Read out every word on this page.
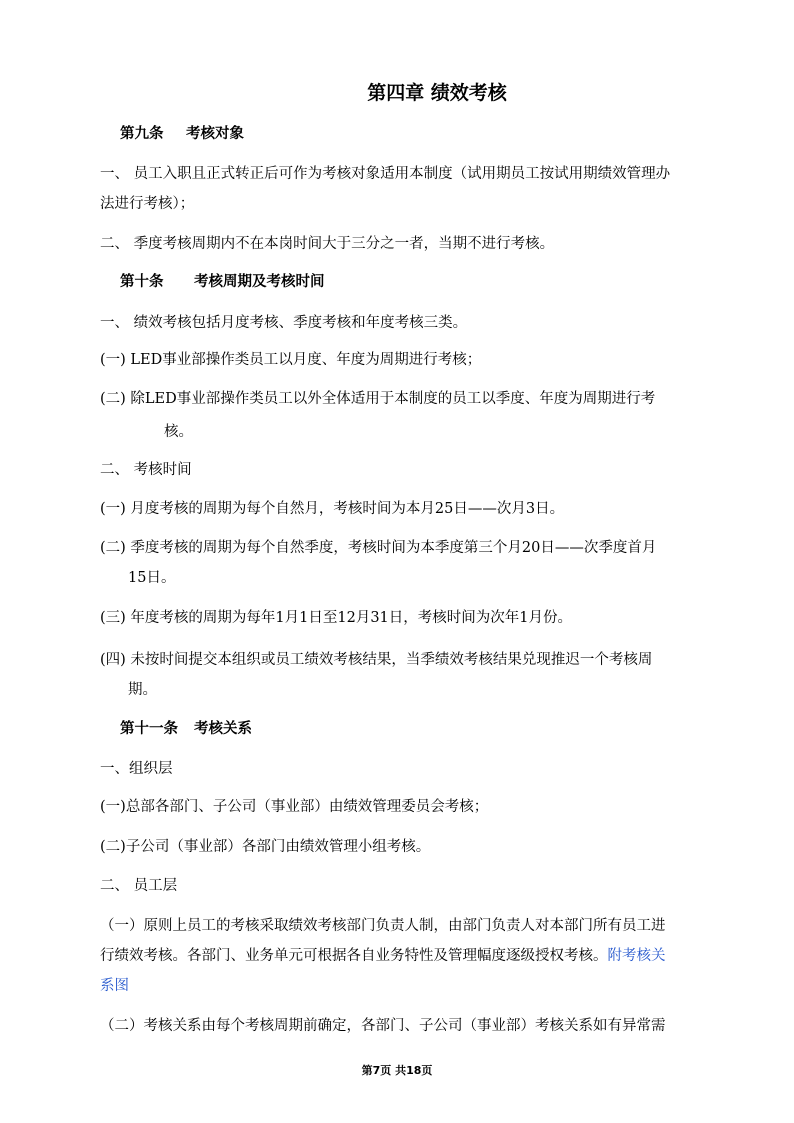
第四章 绩效考核
第九条 考核对象
一、 员工入职且正式转正后可作为考核对象适用本制度（试用期员工按试用期绩效管理办
法进行考核）；
二、 季度考核周期内不在本岗时间大于三分之一者，当期不进行考核。
第十条 考核周期及考核时间
一、 绩效考核包括月度考核、季度考核和年度考核三类。
(一) LED事业部操作类员工以月度、年度为周期进行考核；
(二) 除LED事业部操作类员工以外全体适用于本制度的员工以季度、年度为周期进行考
核。
二、 考核时间
(一) 月度考核的周期为每个自然月，考核时间为本月25日——次月3日。
(二) 季度考核的周期为每个自然季度，考核时间为本季度第三个月20日——次季度首月
15日。
(三) 年度考核的周期为每年1月1日至12月31日，考核时间为次年1月份。
(四) 未按时间提交本组织或员工绩效考核结果，当季绩效考核结果兑现推迟一个考核周
期。
第十一条 考核关系
一、组织层
(一)总部各部门、子公司（事业部）由绩效管理委员会考核；
(二)子公司（事业部）各部门由绩效管理小组考核。
二、 员工层
（一）原则上员工的考核采取绩效考核部门负责人制，由部门负责人对本部门所有员工进
行绩效考核。各部门、业务单元可根据各自业务特性及管理幅度逐级授权考核。附考核关
系图
（二）考核关系由每个考核周期前确定，各部门、子公司（事业部）考核关系如有异常需
第7页 共18页
